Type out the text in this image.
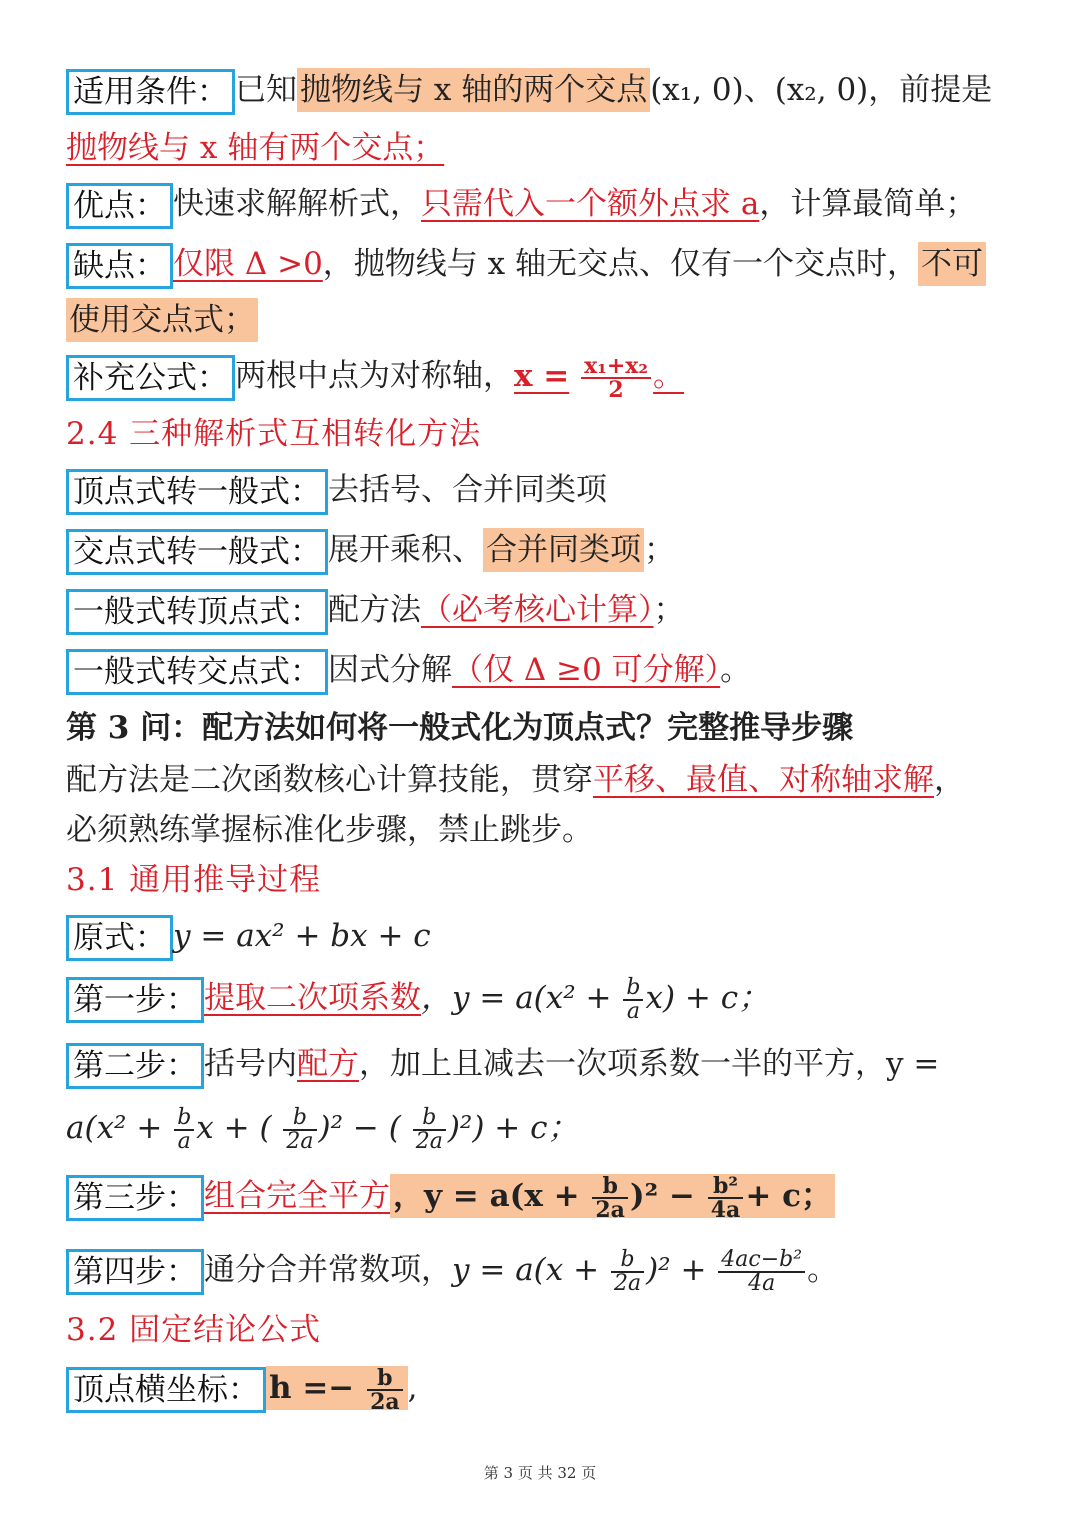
适用条件： 已知抛物线与 x 轴的两个交点(x₁, 0)、(x₂, 0)，前提是
抛物线与 x 轴有两个交点；
优点： 快速求解解析式，只需代入一个额外点求 a，计算最简单；
缺点： 仅限 Δ >0，抛物线与 x 轴无交点、仅有一个交点时，不可
使用交点式；
补充公式： 两根中点为对称轴，$x = \frac{\text{x₁+x₂}}{2}$ 。
2.4 三种解析式互相转化方法
顶点式转一般式： 去括号、合并同类项
交点式转一般式： 展开乘积、合并同类项；
一般式转顶点式： 配方法（必考核心计算）；
一般式转交点式： 因式分解（仅 Δ ≥0 可分解）。
第 3 问：配方法如何将一般式化为顶点式？完整推导步骤
配方法是二次函数核心计算技能，贯穿平移、最值、对称轴求解，
必须熟练掌握标准化步骤，禁止跳步。
3.1 通用推导过程
原式： y = ax² + bx + c
第一步： 提取二次项系数，$y = a(x^2 + \frac{b}{a} x) + c$；
第二步： 括号内配方，加上且减去一次项系数一半的平方，y =
$a(x^2 + \frac{b}{a}$ x + ( $\frac{b}{2a} )^2$ − ( $\frac{b}{2a} )^2) + c$；
第三步： 组合完全平方，$y = a(x + \frac{b}{2a} )^2 - \frac{\text{b²}}{4a} + c$；
第四步： 通分合并常数项，$y = a(x + \frac{b}{2a} )^2 + \frac{\text{4ac−b²}}{4a}$ 。
3.2 固定结论公式
顶点横坐标： $h =- \frac{b}{2a}$ ,
第 3 页 共 32 页
